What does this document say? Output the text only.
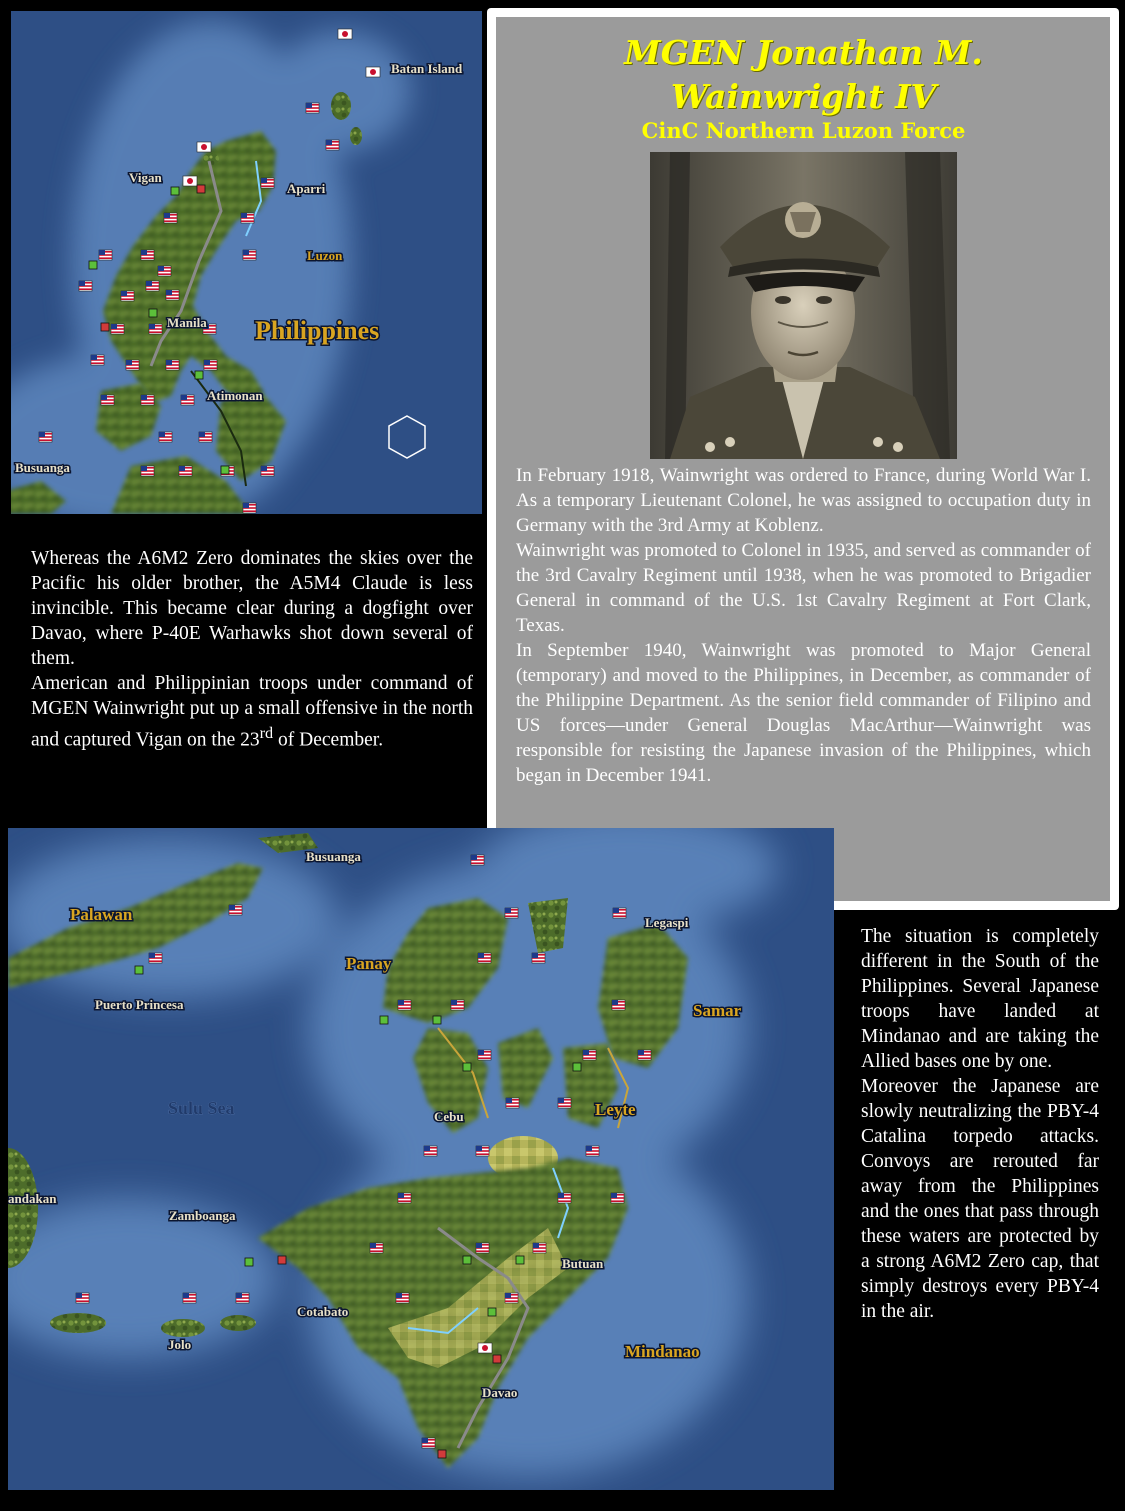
Batan Island
Vigan
Aparri
Luzon
Manila Philippines
Atimonan
Busuanga
MGEN Jonathan M. Wainwright IV
CinC Northern Luzon Force

In February 1918, Wainwright was ordered to France, during World War I. As a temporary Lieutenant Colonel, he was assigned to occupation duty in Germany with the 3rd Army at Koblenz.

Wainwright was promoted to Colonel in 1935, and served as commander of the 3rd Cavalry Regiment until 1938, when he was promoted to Brigadier General in command of the U.S. 1st Cavalry Regiment at Fort Clark, Texas.

In September 1940, Wainwright was promoted to Major General (temporary) and moved to the Philippines, in December, as commander of the Philippine Department. As the senior field commander of Filipino and US forces—under General Douglas MacArthur—Wainwright was responsible for resisting the Japanese invasion of the Philippines, which began in December 1941.

Whereas the A6M2 Zero dominates the skies over the Pacific his older brother, the A5M4 Claude is less invincible. This became clear during a dogfight over Davao, where P-40E Warhawks shot down several of them.

American and Philippinian troops under command of MGEN Wainwright put up a small offensive in the north and captured Vigan on the 23rd of December.

Busuanga
Palawan	Legaspi
Panay
Puerto Princesa	Samar
Sulu Sea	Cebu	Leyte
andakan
Zamboanga
Butuan
Cotabato
Jolo	Mindanao
Davao

The situation is completely different in the South of the Philippines. Several Japanese troops have landed at Mindanao and are taking the Allied bases one by one.

Moreover the Japanese are slowly neutralizing the PBY-4 Catalina torpedo attacks. Convoys are rerouted far away from the Philippines and the ones that pass through these waters are protected by a strong A6M2 Zero cap, that simply destroys every PBY-4 in the air.
